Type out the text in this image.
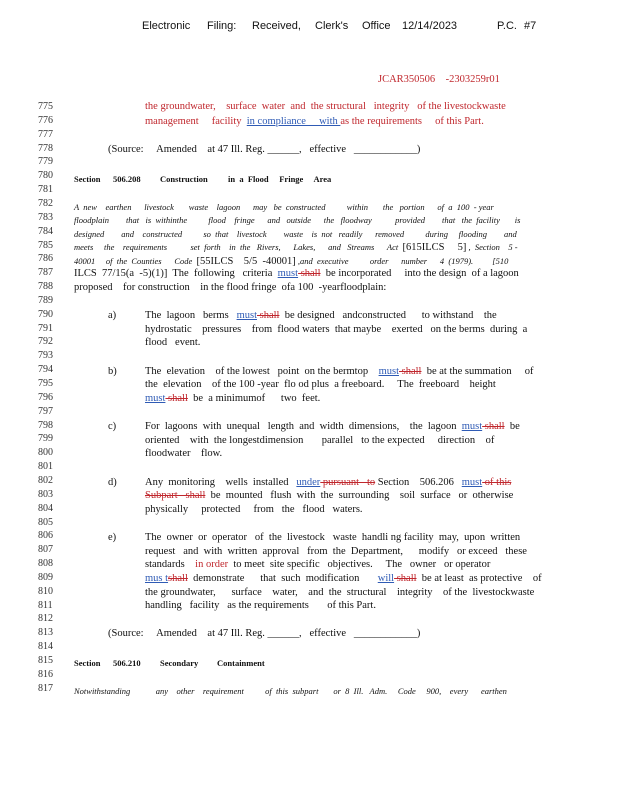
Electronic Filing: Received, Clerk's Office 12/14/2023	P.C. #7
JCAR350506    -2303259r01
775
776
777
778
779
780
781
782
783
784
785
786
787
788
789
790
791
792
793
794
795
796
797
798
799
800
801
802
803
804
805
806
807
808
809
810
811
812
813
814
815
816
817
the groundwater,    surface  water  and  the structural   integrity   of the livestockwaste
management     facility  in compliance     with as the requirements     of this Part.
(Source:     Amended    at 47 Ill. Reg. ______,   effective   ____________)
Section 506.208 Construction in  a  Flood     Fringe     Area
A  new    earthen      livestock       waste    lagoon      may   be  constructed          within       the   portion      of  a  100  - year
floodplain        that   is  withinthe          flood    fringe      and   outside      the   floodway           provided        that   the  facility       is
designed        and    constructed          so  that    livestock        waste    is  not   readily      removed          during     flooding        and
meets     the    requirements           set  forth    in  the   Rivers,      Lakes,      and   Streams      Act  [615ILCS     5] ,  Section    5 -
40001     of  the  Counties      Code  [55ILCS    5/5  -40001] ,and  executive          order      number      4  (1979).         [510
ILCS  77/15(a  -5)(1)]  The  following   criteria  must shall  be incorporated     into the design  of a lagoon
proposed    for construction    in the flood fringe  ofa 100  -yearfloodplain:
a)	The  lagoon   berms   must shall  be designed   andconstructed      to withstand    the
hydrostatic    pressures    from  flood waters  that maybe    exerted   on the berms  during  a
flood   event.
b)	The  elevation    of the lowest   point  on the bermtop    must shall  be at the summation     of
the  elevation    of the 100 -year  flo od plus  a freeboard.     The  freeboard    height
must shall  be  a minimumof      two  feet.
c)	For  lagoons  with  unequal   length  and  width  dimensions,    the  lagoon  must shall  be
oriented    with  the longestdimension       parallel   to the expected     direction    of
floodwater    flow.
d)	Any  monitoring    wells  installed   under pursuant   to Section    506.206   must of this
Subpart   shall  be  mounted   flush  with  the  surrounding    soil  surface   or  otherwise
physically     protected     from   the   flood   waters.
e)	The  owner  or  operator   of  the  livestock   waste  handli ng facility  may,  upon  written
request   and  with  written  approval   from  the  Department,      modify   or exceed   these
standards    in order  to meet  site specific   objectives.     The   owner   or operator
mus tshall  demonstrate      that  such  modification       will shall  be at least  as protective    of
the groundwater,      surface    water,    and  the  structural    integrity    of the  livestockwaste
handling   facility   as the requirements       of this Part.
(Source:     Amended    at 47 Ill. Reg. ______,   effective   ____________)
Section 506.210 Secondary Containment
Notwithstanding            any    other    requirement          of  this  subpart       or  8  Ill.   Adm.     Code     900,    every      earthen
